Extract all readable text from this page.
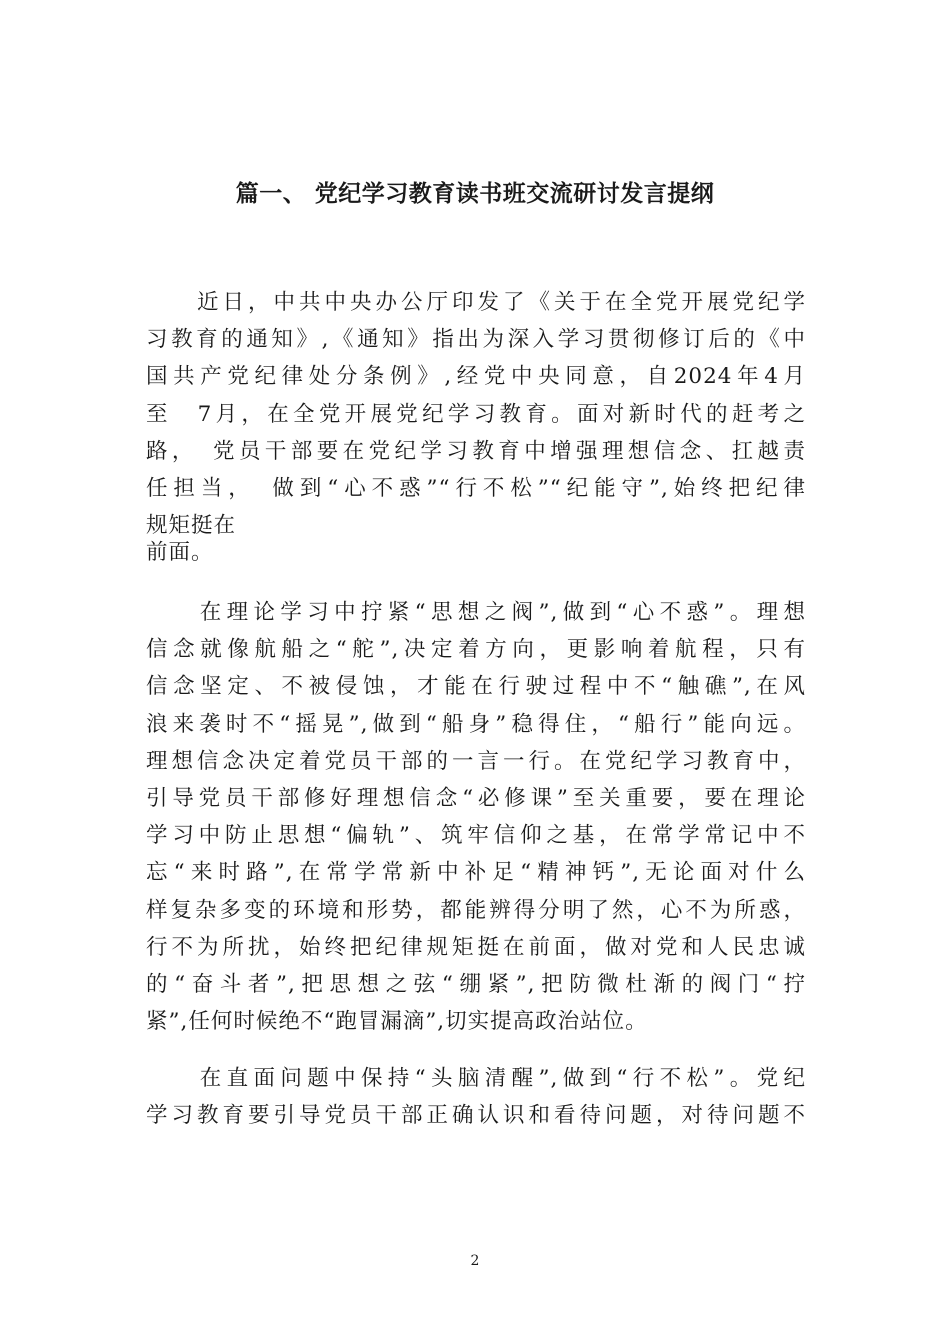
篇一、 党纪学习教育读书班交流研讨发言提纲
　　近日，中共中央办公厅印发了《关于在全党开展党纪学
习教育的通知》,《通知》指出为深入学习贯彻修订后的《中
国共产党纪律处分条例》,经党中央同意，自2024年4月
至　7月，在全党开展党纪学习教育。面对新时代的赶考之
路，　党员干部要在党纪学习教育中增强理想信念、扛越责
任担当，　做到“心不惑”“行不松”“纪能守”,始终把纪律
规矩挺在
前面。
　　在理论学习中拧紧“思想之阀”,做到“心不惑”。理想
信念就像航船之“舵”,决定着方向，更影响着航程，只有
信念坚定、不被侵蚀，才能在行驶过程中不“触礁”,在风
浪来袭时不“摇晃”,做到“船身”稳得住，“船行”能向远。
理想信念决定着党员干部的一言一行。在党纪学习教育中，
引导党员干部修好理想信念“必修课”至关重要，要在理论
学习中防止思想“偏轨”、筑牢信仰之基，在常学常记中不
忘“来时路”,在常学常新中补足“精神钙”,无论面对什么
样复杂多变的环境和形势，都能辨得分明了然，心不为所惑，
行不为所扰，始终把纪律规矩挺在前面，做对党和人民忠诚
的“奋斗者”,把思想之弦“绷紧”,把防微杜渐的阀门“拧
紧”,任何时候绝不“跑冒漏滴”,切实提高政治站位。
　　在直面问题中保持“头脑清醒”,做到“行不松”。党纪
学习教育要引导党员干部正确认识和看待问题，对待问题不
2
